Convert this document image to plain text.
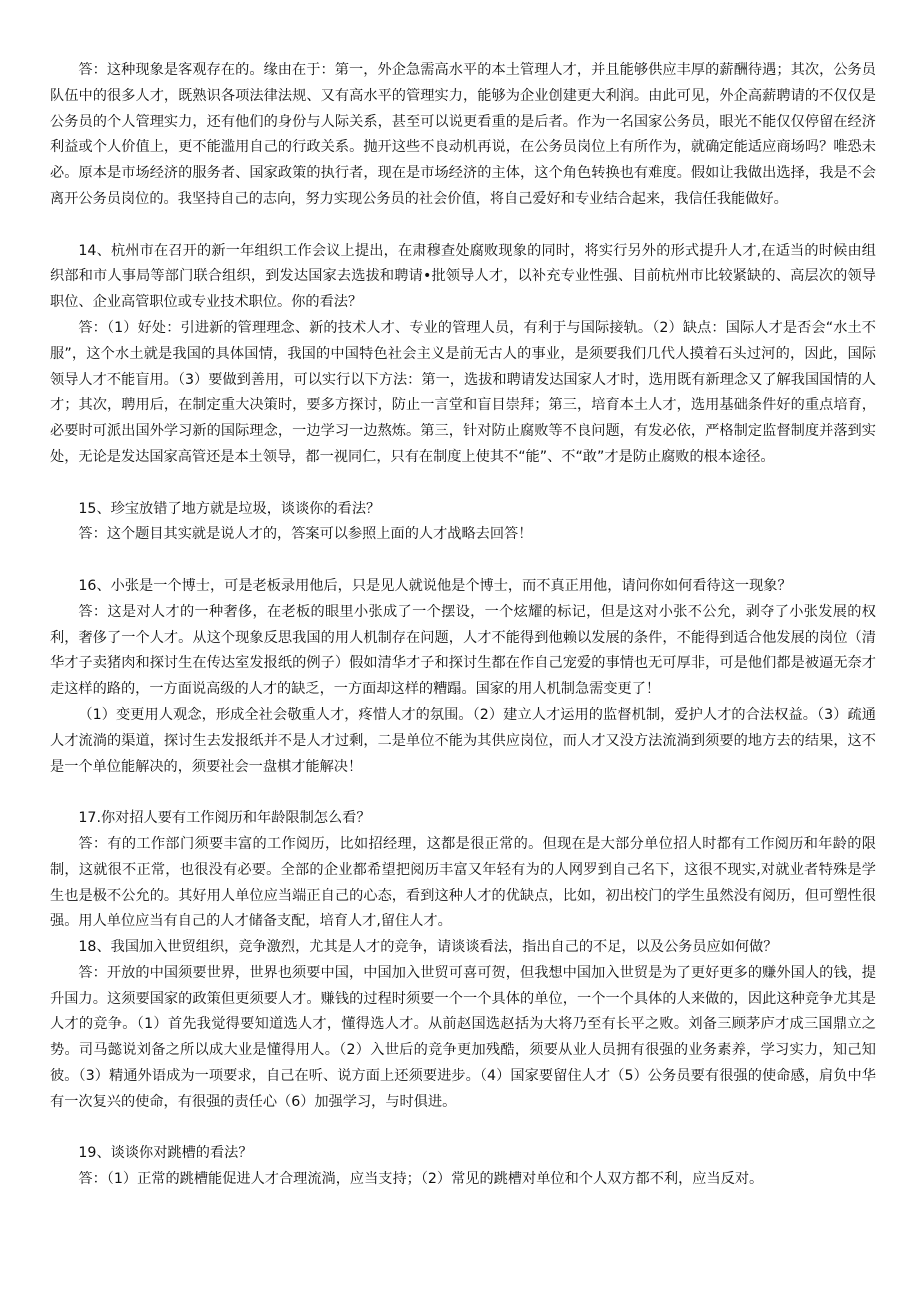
答：这种现象是客观存在的。缘由在于：第一，外企急需高水平的本土管理人才，并且能够供应丰厚的薪酬待遇；其次，公务员队伍中的很多人才，既熟识各项法律法规、又有高水平的管理实力，能够为企业创建更大利润。由此可见，外企高薪聘请的不仅仅是公务员的个人管理实力，还有他们的身份与人际关系，甚至可以说更看重的是后者。作为一名国家公务员，眼光不能仅仅停留在经济利益或个人价值上，更不能滥用自己的行政关系。抛开这些不良动机再说，在公务员岗位上有所作为，就确定能适应商场吗？唯恐未必。原本是市场经济的服务者、国家政策的执行者，现在是市场经济的主体，这个角色转换也有难度。假如让我做出选择，我是不会离开公务员岗位的。我坚持自己的志向，努力实现公务员的社会价值，将自己爱好和专业结合起来，我信任我能做好。

14、杭州市在召开的新一年组织工作会议上提出，在肃穆查处腐败现象的同时，将实行另外的形式提升人才,在适当的时候由组织部和市人事局等部门联合组织，到发达国家去选拔和聘请•批领导人才，以补充专业性强、目前杭州市比较紧缺的、高层次的领导职位、企业高管职位或专业技术职位。你的看法？

答：（1）好处：引进新的管理理念、新的技术人才、专业的管理人员，有利于与国际接轨。（2）缺点：国际人才是否会“水土不服”，这个水土就是我国的具体国情，我国的中国特色社会主义是前无古人的事业，是须要我们几代人摸着石头过河的，因此，国际领导人才不能盲用。（3）要做到善用，可以实行以下方法：第一，选拔和聘请发达国家人才时，选用既有新理念又了解我国国情的人才；其次，聘用后，在制定重大决策时，要多方探讨，防止一言堂和盲目崇拜；第三，培育本土人才，选用基础条件好的重点培育，必要时可派出国外学习新的国际理念，一边学习一边熬炼。第三，针对防止腐败等不良问题，有发必依，严格制定监督制度并落到实处，无论是发达国家高管还是本土领导，都一视同仁，只有在制度上使其不“能”、不“敢”才是防止腐败的根本途径。

15、珍宝放错了地方就是垃圾，谈谈你的看法？

答：这个题目其实就是说人才的，答案可以参照上面的人才战略去回答！

16、小张是一个博士，可是老板录用他后，只是见人就说他是个博士，而不真正用他，请问你如何看待这一现象？

答：这是对人才的一种奢侈，在老板的眼里小张成了一个摆设，一个炫耀的标记，但是这对小张不公允，剥夺了小张发展的权利，奢侈了一个人才。从这个现象反思我国的用人机制存在问题，人才不能得到他赖以发展的条件，不能得到适合他发展的岗位（清华才子卖猪肉和探讨生在传达室发报纸的例子）假如清华才子和探讨生都在作自己宠爱的事情也无可厚非，可是他们都是被逼无奈才走这样的路的，一方面说高级的人才的缺乏，一方面却这样的糟蹋。国家的用人机制急需变更了！

（1）变更用人观念，形成全社会敬重人才，疼惜人才的氛围。（2）建立人才运用的监督机制，爱护人才的合法权益。（3）疏通人才流淌的渠道，探讨生去发报纸并不是人才过剩，二是单位不能为其供应岗位，而人才又没方法流淌到须要的地方去的结果，这不是一个单位能解决的，须要社会一盘棋才能解决！

17.你对招人要有工作阅历和年龄限制怎么看？

答：有的工作部门须要丰富的工作阅历，比如招经理，这都是很正常的。但现在是大部分单位招人时都有工作阅历和年龄的限制，这就很不正常，也很没有必要。全部的企业都希望把阅历丰富又年轻有为的人网罗到自己名下，这很不现实,对就业者特殊是学生也是极不公允的。其好用人单位应当端正自己的心态，看到这种人才的优缺点，比如，初出校门的学生虽然没有阅历，但可塑性很强。用人单位应当有自己的人才储备支配，培育人才,留住人才。

18、我国加入世贸组织，竞争激烈，尤其是人才的竞争，请谈谈看法，指出自己的不足，以及公务员应如何做？

答：开放的中国须要世界，世界也须要中国，中国加入世贸可喜可贺，但我想中国加入世贸是为了更好更多的赚外国人的钱，提升国力。这须要国家的政策但更须要人才。赚钱的过程时须要一个一个具体的单位，一个一个具体的人来做的，因此这种竞争尤其是人才的竞争。（1）首先我觉得要知道选人才，懂得选人才。从前赵国选赵括为大将乃至有长平之败。刘备三顾茅庐才成三国鼎立之势。司马懿说刘备之所以成大业是懂得用人。（2）入世后的竞争更加残酷，须要从业人员拥有很强的业务素养，学习实力，知己知彼。（3）精通外语成为一项要求，自己在听、说方面上还须要进步。（4）国家要留住人才（5）公务员要有很强的使命感，肩负中华有一次复兴的使命，有很强的责任心（6）加强学习，与时俱进。

19、谈谈你对跳槽的看法？

答：（1）正常的跳槽能促进人才合理流淌，应当支持；（2）常见的跳槽对单位和个人双方都不利，应当反对。
